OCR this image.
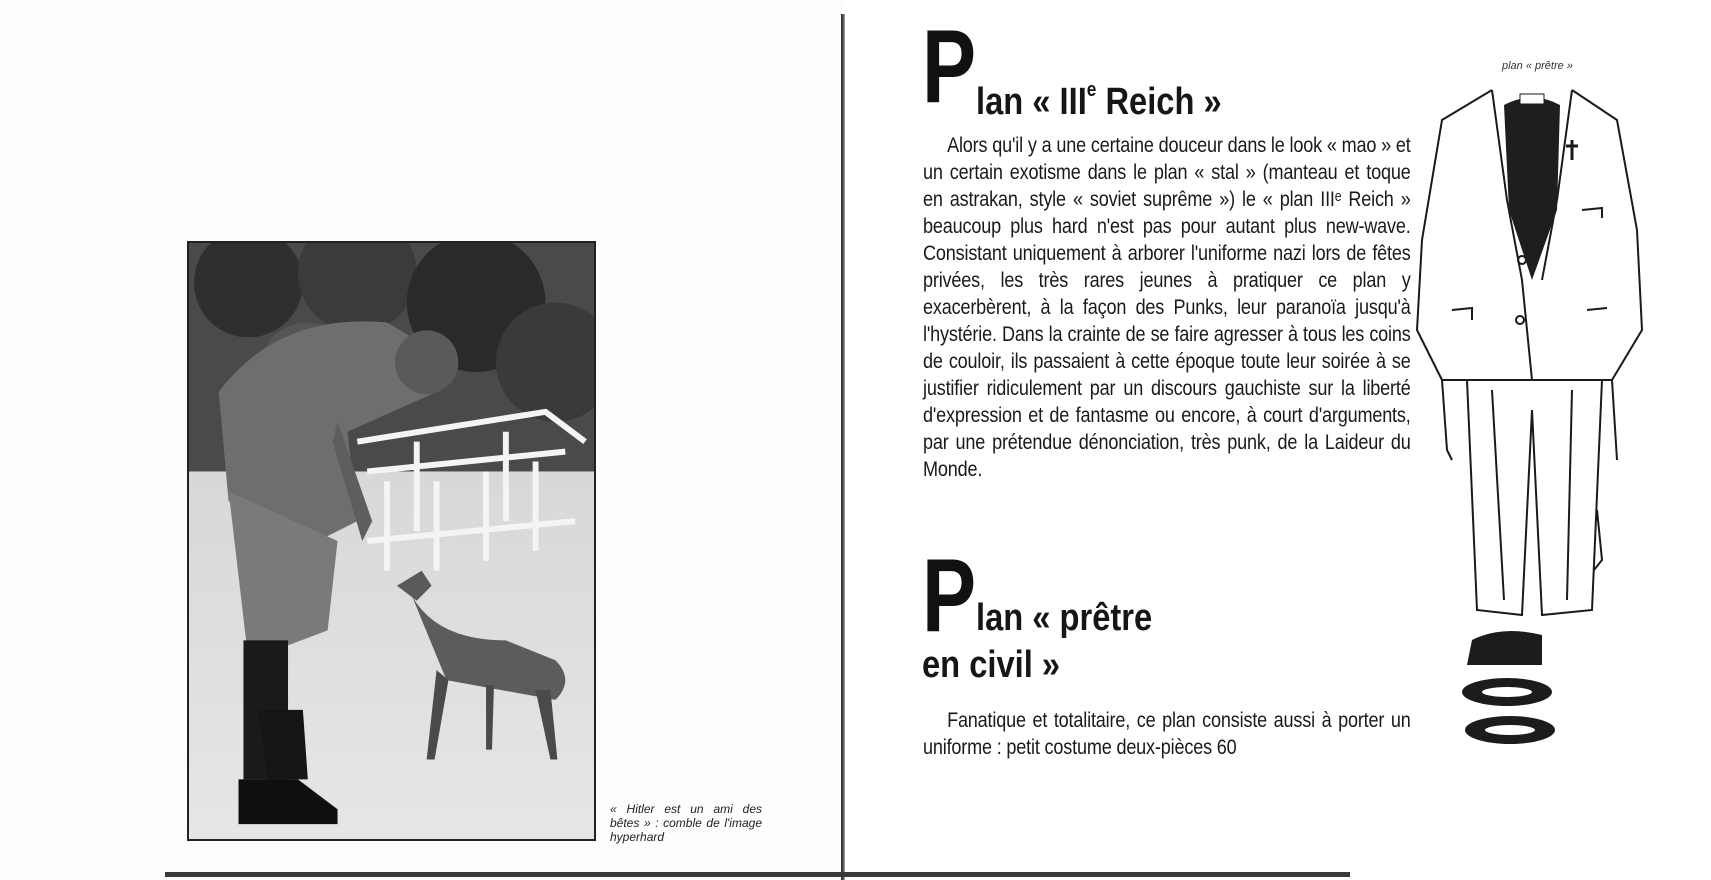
« Hitler est un ami des bêtes » : comble de l'image hyperhard
P lan « IIIe Reich »
Alors qu'il y a une certaine douceur dans le look « mao » et un certain exotisme dans le plan « stal » (manteau et toque en astrakan, style « soviet suprême ») le « plan IIIᵉ Reich » beaucoup plus hard n'est pas pour autant plus new-wave. Consistant uniquement à arborer l'uniforme nazi lors de fêtes privées, les très rares jeunes à pratiquer ce plan y exacerbèrent, à la façon des Punks, leur paranoïa jusqu'à l'hystérie. Dans la crainte de se faire agresser à tous les coins de couloir, ils passaient à cette époque toute leur soirée à se justifier ridiculement par un discours gauchiste sur la liberté d'expression et de fantasme ou encore, à court d'arguments, par une prétendue dénonciation, très punk, de la Laideur du Monde.
P lan « prêtre
en civil »
Fanatique et totalitaire, ce plan consiste aussi à porter un uniforme : petit costume deux-pièces 60
plan « prêtre »
